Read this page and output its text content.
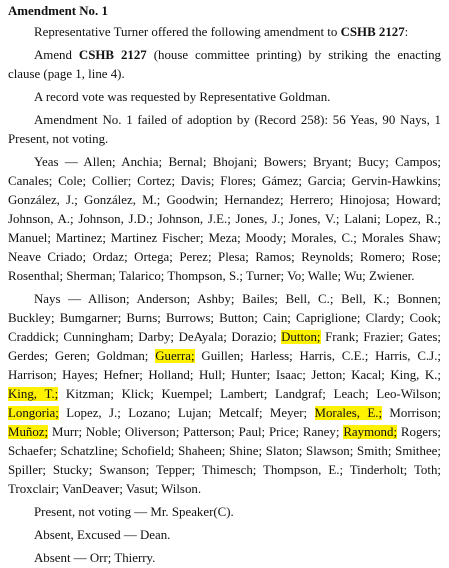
Amendment No. 1

Representative Turner offered the following amendment to CSHB 2127:

Amend CSHB 2127 (house committee printing) by striking the enacting clause (page 1, line 4).

A record vote was requested by Representative Goldman.

Amendment No. 1 failed of adoption by (Record 258): 56 Yeas, 90 Nays, 1 Present, not voting.

Yeas — Allen; Anchia; Bernal; Bhojani; Bowers; Bryant; Bucy; Campos; Canales; Cole; Collier; Cortez; Davis; Flores; Gámez; Garcia; Gervin-Hawkins; González, J.; González, M.; Goodwin; Hernandez; Herrero; Hinojosa; Howard; Johnson, A.; Johnson, J.D.; Johnson, J.E.; Jones, J.; Jones, V.; Lalani; Lopez, R.; Manuel; Martinez; Martinez Fischer; Meza; Moody; Morales, C.; Morales Shaw; Neave Criado; Ordaz; Ortega; Perez; Plesa; Ramos; Reynolds; Romero; Rose; Rosenthal; Sherman; Talarico; Thompson, S.; Turner; Vo; Walle; Wu; Zwiener.

Nays — Allison; Anderson; Ashby; Bailes; Bell, C.; Bell, K.; Bonnen; Buckley; Bumgarner; Burns; Burrows; Button; Cain; Capriglione; Clardy; Cook; Craddick; Cunningham; Darby; DeAyala; Dorazio; Dutton; Frank; Frazier; Gates; Gerdes; Geren; Goldman; Guerra; Guillen; Harless; Harris, C.E.; Harris, C.J.; Harrison; Hayes; Hefner; Holland; Hull; Hunter; Isaac; Jetton; Kacal; King, K.; King, T.; Kitzman; Klick; Kuempel; Lambert; Landgraf; Leach; Leo-Wilson; Longoria; Lopez, J.; Lozano; Lujan; Metcalf; Meyer; Morales, E.; Morrison; Muñoz; Murr; Noble; Oliverson; Patterson; Paul; Price; Raney; Raymond; Rogers; Schaefer; Schatzline; Schofield; Shaheen; Shine; Slaton; Slawson; Smith; Smithee; Spiller; Stucky; Swanson; Tepper; Thimesch; Thompson, E.; Tinderholt; Toth; Troxclair; VanDeaver; Vasut; Wilson.

Present, not voting — Mr. Speaker(C).

Absent, Excused — Dean.

Absent — Orr; Thierry.
